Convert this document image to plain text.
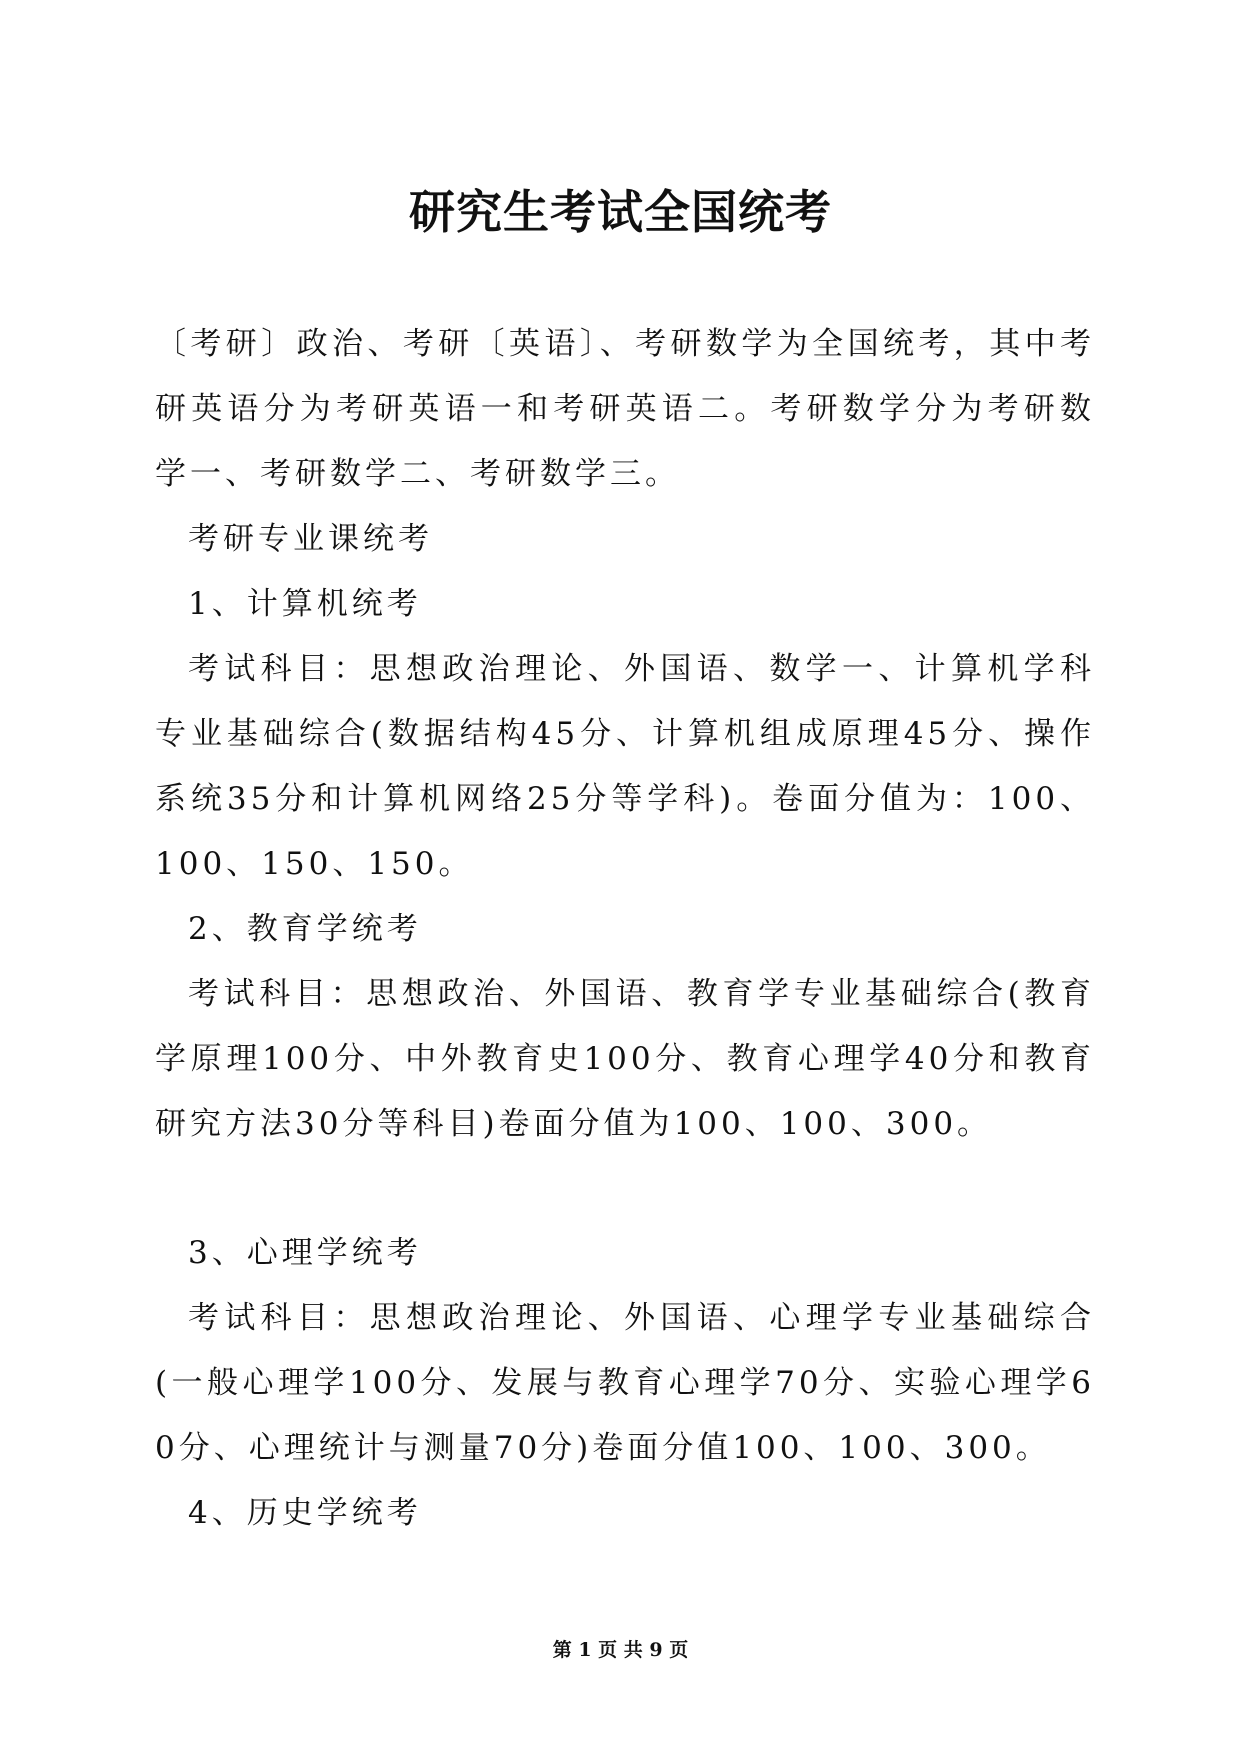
研究生考试全国统考

〔考研〕政治、考研〔英语〕、考研数学为全国统考，其中考研英语分为考研英语一和考研英语二。考研数学分为考研数学一、考研数学二、考研数学三。

考研专业课统考

1、计算机统考

考试科目：思想政治理论、外国语、数学一、计算机学科专业基础综合(数据结构45分、计算机组成原理45分、操作系统35分和计算机网络25分等学科)。卷面分值为：100、100、150、150。

2、教育学统考

考试科目：思想政治、外国语、教育学专业基础综合(教育学原理100分、中外教育史100分、教育心理学40分和教育研究方法30分等科目)卷面分值为100、100、300。

3、心理学统考

考试科目：思想政治理论、外国语、心理学专业基础综合(一般心理学100分、发展与教育心理学70分、实验心理学60分、心理统计与测量70分)卷面分值100、100、300。

4、历史学统考

第 1 页 共 9 页
